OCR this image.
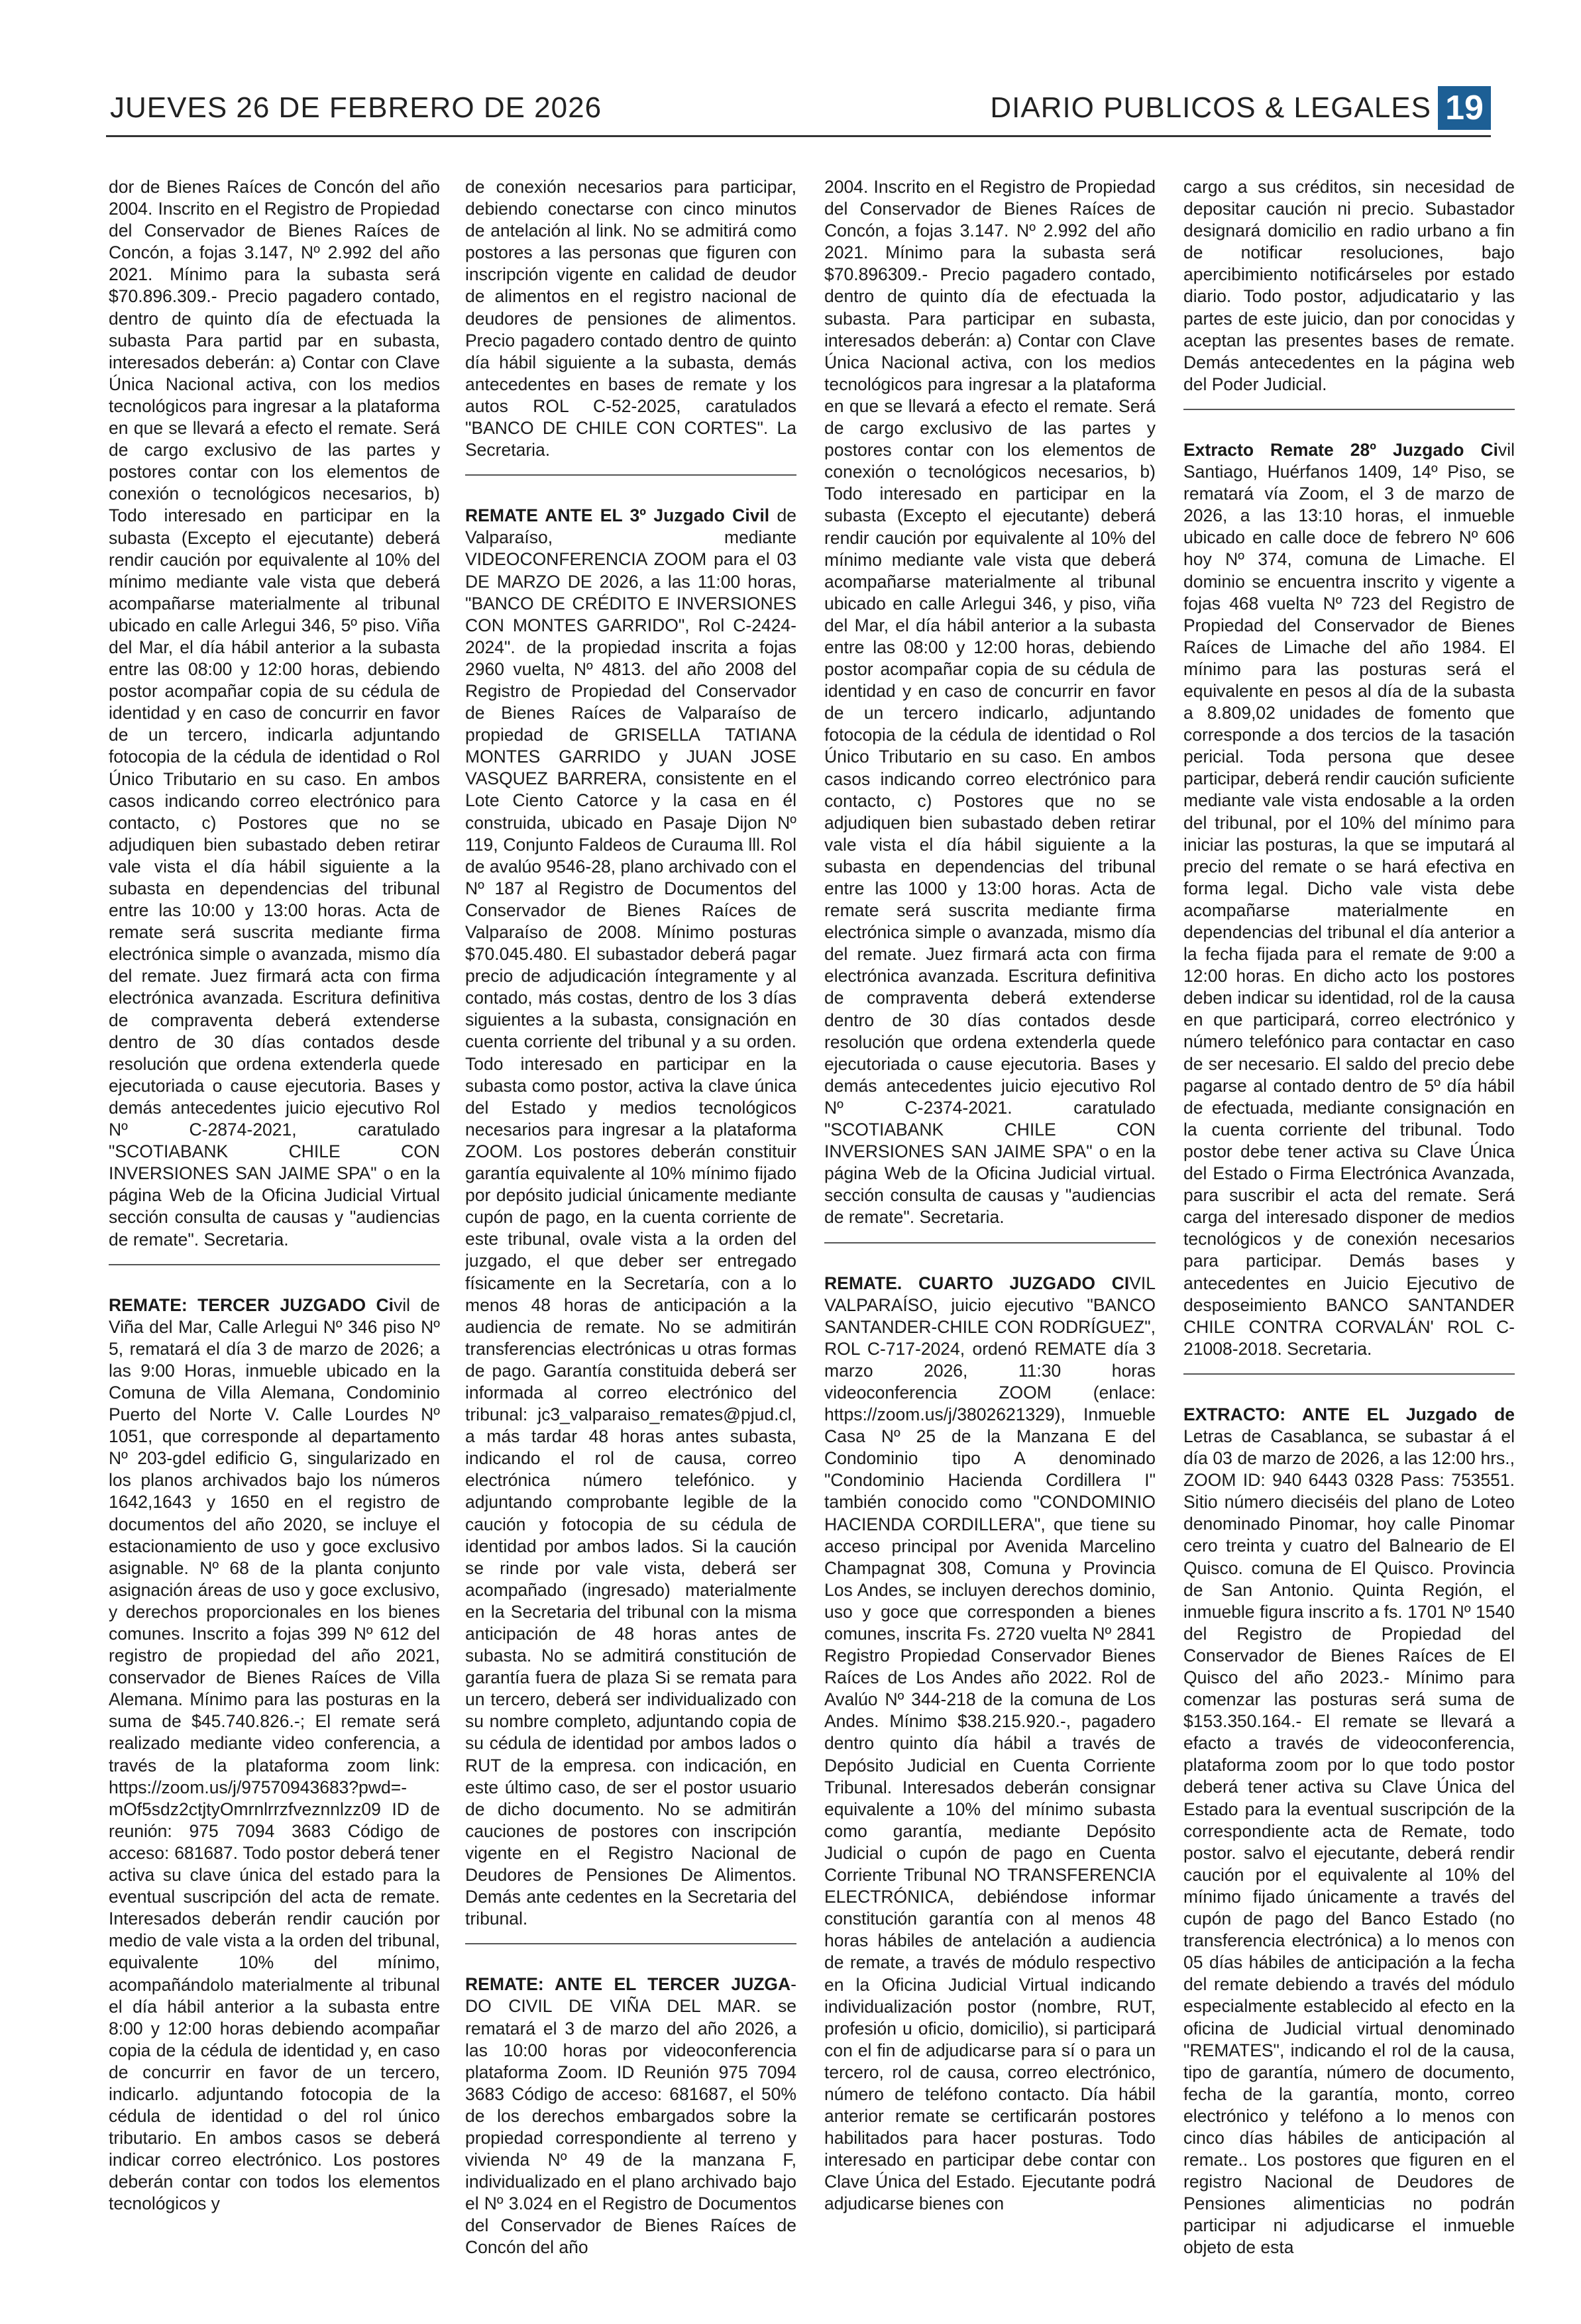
JUEVES 26 DE FEBRERO DE 2026	DIARIO PUBLICOS & LEGALES 19

dor de Bienes Raíces de Concón del año 2004. Inscrito en el Registro de Propiedad del Conservador de Bienes Raíces de Concón, a fojas 3.147, Nº 2.992 del año 2021. Mínimo para la subasta será $70.896.309.- Precio pagadero contado, dentro de quinto día de efectuada la subasta Para partid par en subasta, interesados deberán: a) Contar con Clave Única Nacional activa, con los medios tecnológicos para ingresar a la plataforma en que se llevará a efecto el remate. Será de cargo exclusivo de las partes y postores contar con los elementos de conexión o tecnológicos necesarios, b) Todo interesado en participar en la subasta (Excepto el ejecutante) deberá rendir caución por equivalente al 10% del mínimo mediante vale vista que deberá acompañarse materialmente al tribunal ubicado en calle Arlegui 346, 5º piso. Viña del Mar, el día hábil anterior a la subasta entre las 08:00 y 12:00 horas, debiendo postor acompañar copia de su cédula de identidad y en caso de concurrir en favor de un tercero, indicarla adjuntando fotocopia de la cédula de identidad o Rol Único Tributario en su caso. En ambos casos indicando correo electrónico para contacto, c) Postores que no se adjudiquen bien subastado deben retirar vale vista el día hábil siguiente a la subasta en dependencias del tribunal entre las 10:00 y 13:00 horas. Acta de remate será suscrita mediante firma electrónica simple o avanzada, mismo día del remate. Juez firmará acta con firma electrónica avanzada. Escritura definitiva de compraventa deberá extenderse dentro de 30 días contados desde resolución que ordena extenderla quede ejecutoriada o cause ejecutoria. Bases y demás antecedentes juicio ejecutivo Rol Nº C-2874-2021, caratulado "SCOTIABANK CHILE CON INVERSIONES SAN JAIME SPA" o en la página Web de la Oficina Judicial Virtual sección consulta de causas y "audiencias de remate". Secretaria.

REMATE: TERCER JUZGADO Civil de Viña del Mar, Calle Arlegui Nº 346 piso Nº 5, rematará el día 3 de marzo de 2026; a las 9:00 Horas, inmueble ubicado en la Comuna de Villa Alemana, Condominio Puerto del Norte V. Calle Lourdes Nº 1051, que corresponde al departamento Nº 203-gdel edificio G, singularizado en los planos archivados bajo los números 1642,1643 y 1650 en el registro de documentos del año 2020, se incluye el estacionamiento de uso y goce exclusivo asignable. Nº 68 de la planta conjunto asignación áreas de uso y goce exclusivo, y derechos proporcionales en los bienes comunes. Inscrito a fojas 399 Nº 612 del registro de propiedad del año 2021, conservador de Bienes Raíces de Villa Alemana. Mínimo para las posturas en la suma de $45.740.826.-; El remate será realizado mediante video conferencia, a través de la plataforma zoom link: https://zoom.us/j/97570943683?pwd=-mOf5sdz2ctjtyOmrnlrrzfveznnlzz09 ID de reunión: 975 7094 3683 Código de acceso: 681687. Todo postor deberá tener activa su clave única del estado para la eventual suscripción del acta de remate. Interesados deberán rendir caución por medio de vale vista a la orden del tribunal, equivalente 10% del mínimo, acompañándolo materialmente al tribunal el día hábil anterior a la subasta entre 8:00 y 12:00 horas debiendo acompañar copia de la cédula de identidad y, en caso de concurrir en favor de un tercero, indicarlo. adjuntando fotocopia de la cédula de identidad o del rol único tributario. En ambos casos se deberá indicar correo electrónico. Los postores deberán contar con todos los elementos tecnológicos y

de conexión necesarios para participar, debiendo conectarse con cinco minutos de antelación al link. No se admitirá como postores a las personas que figuren con inscripción vigente en calidad de deudor de alimentos en el registro nacional de deudores de pensiones de alimentos. Precio pagadero contado dentro de quinto día hábil siguiente a la subasta, demás antecedentes en bases de remate y los autos ROL C-52-2025, caratulados "BANCO DE CHILE CON CORTES". La Secretaria.

REMATE ANTE EL 3º Juzgado Civil de Valparaíso, mediante VIDEOCONFERENCIA ZOOM para el 03 DE MARZO DE 2026, a las 11:00 horas, "BANCO DE CRÉDITO E INVERSIONES CON MONTES GARRIDO", Rol C-2424-2024". de la propiedad inscrita a fojas 2960 vuelta, Nº 4813. del año 2008 del Registro de Propiedad del Conservador de Bienes Raíces de Valparaíso de propiedad de GRISELLA TATIANA MONTES GARRIDO y JUAN JOSE VASQUEZ BARRERA, consistente en el Lote Ciento Catorce y la casa en él construida, ubicado en Pasaje Dijon Nº 119, Conjunto Faldeos de Curauma lll. Rol de avalúo 9546-28, plano archivado con el Nº 187 al Registro de Documentos del Conservador de Bienes Raíces de Valparaíso de 2008. Mínimo posturas $70.045.480. El subastador deberá pagar precio de adjudicación íntegramente y al contado, más costas, dentro de los 3 días siguientes a la subasta, consignación en cuenta corriente del tribunal y a su orden. Todo interesado en participar en la subasta como postor, activa la clave única del Estado y medios tecnológicos necesarios para ingresar a la plataforma ZOOM. Los postores deberán constituir garantía equivalente al 10% mínimo fijado por depósito judicial únicamente mediante cupón de pago, en la cuenta corriente de este tribunal, ovale vista a la orden del juzgado, el que deber ser entregado físicamente en la Secretaría, con a lo menos 48 horas de anticipación a la audiencia de remate. No se admitirán transferencias electrónicas u otras formas de pago. Garantía constituida deberá ser informada al correo electrónico del tribunal: jc3_valparaiso_remates@pjud.cl, a más tardar 48 horas antes subasta, indicando el rol de causa, correo electrónica número telefónico. y adjuntando comprobante legible de la caución y fotocopia de su cédula de identidad por ambos lados. Si la caución se rinde por vale vista, deberá ser acompañado (ingresado) materialmente en la Secretaria del tribunal con la misma anticipación de 48 horas antes de subasta. No se admitirá constitución de garantía fuera de plaza Si se remata para un tercero, deberá ser individualizado con su nombre completo, adjuntando copia de su cédula de identidad por ambos lados o RUT de la empresa. con indicación, en este último caso, de ser el postor usuario de dicho documento. No se admitirán cauciones de postores con inscripción vigente en el Registro Nacional de Deudores de Pensiones De Alimentos. Demás ante cedentes en la Secretaria del tribunal.

REMATE: ANTE EL TERCER JUZGA-DO CIVIL DE VIÑA DEL MAR. se rematará el 3 de marzo del año 2026, a las 10:00 horas por videoconferencia plataforma Zoom. ID Reunión 975 7094 3683 Código de acceso: 681687, el 50% de los derechos embargados sobre la propiedad correspondiente al terreno y vivienda Nº 49 de la manzana F, individualizado en el plano archivado bajo el Nº 3.024 en el Registro de Documentos del Conservador de Bienes Raíces de Concón del año

2004. Inscrito en el Registro de Propiedad del Conservador de Bienes Raíces de Concón, a fojas 3.147. Nº 2.992 del año 2021. Mínimo para la subasta será $70.896309.- Precio pagadero contado, dentro de quinto día de efectuada la subasta. Para participar en subasta, interesados deberán: a) Contar con Clave Única Nacional activa, con los medios tecnológicos para ingresar a la plataforma en que se llevará a efecto el remate. Será de cargo exclusivo de las partes y postores contar con los elementos de conexión o tecnológicos necesarios, b) Todo interesado en participar en la subasta (Excepto el ejecutante) deberá rendir caución por equivalente al 10% del mínimo mediante vale vista que deberá acompañarse materialmente al tribunal ubicado en calle Arlegui 346, y piso, viña del Mar, el día hábil anterior a la subasta entre las 08:00 y 12:00 horas, debiendo postor acompañar copia de su cédula de identidad y en caso de concurrir en favor de un tercero indicarlo, adjuntando fotocopia de la cédula de identidad o Rol Único Tributario en su caso. En ambos casos indicando correo electrónico para contacto, c) Postores que no se adjudiquen bien subastado deben retirar vale vista el día hábil siguiente a la subasta en dependencias del tribunal entre las 1000 y 13:00 horas. Acta de remate será suscrita mediante firma electrónica simple o avanzada, mismo día del remate. Juez firmará acta con firma electrónica avanzada. Escritura definitiva de compraventa deberá extenderse dentro de 30 días contados desde resolución que ordena extenderla quede ejecutoriada o cause ejecutoria. Bases y demás antecedentes juicio ejecutivo Rol Nº C-2374-2021. caratulado "SCOTIABANK CHILE CON INVERSIONES SAN JAIME SPA" o en la página Web de la Oficina Judicial virtual. sección consulta de causas y "audiencias de remate". Secretaria.

REMATE. CUARTO JUZGADO CIVIL VALPARAÍSO, juicio ejecutivo "BANCO SANTANDER-CHILE CON RODRÍGUEZ", ROL C-717-2024, ordenó REMATE día 3 marzo 2026, 11:30 horas videoconferencia ZOOM (enlace: https://zoom.us/j/3802621329), Inmueble Casa Nº 25 de la Manzana E del Condominio tipo A denominado "Condominio Hacienda Cordillera I" también conocido como "CONDOMINIO HACIENDA CORDILLERA", que tiene su acceso principal por Avenida Marcelino Champagnat 308, Comuna y Provincia Los Andes, se incluyen derechos dominio, uso y goce que corresponden a bienes comunes, inscrita Fs. 2720 vuelta Nº 2841 Registro Propiedad Conservador Bienes Raíces de Los Andes año 2022. Rol de Avalúo Nº 344-218 de la comuna de Los Andes. Mínimo $38.215.920.-, pagadero dentro quinto día hábil a través de Depósito Judicial en Cuenta Corriente Tribunal. Interesados deberán consignar equivalente a 10% del mínimo subasta como garantía, mediante Depósito Judicial o cupón de pago en Cuenta Corriente Tribunal NO TRANSFERENCIA ELECTRÓNICA, debiéndose informar constitución garantía con al menos 48 horas hábiles de antelación a audiencia de remate, a través de módulo respectivo en la Oficina Judicial Virtual indicando individualización postor (nombre, RUT, profesión u oficio, domicilio), si participará con el fin de adjudicarse para sí o para un tercero, rol de causa, correo electrónico, número de teléfono contacto. Día hábil anterior remate se certificarán postores habilitados para hacer posturas. Todo interesado en participar debe contar con Clave Única del Estado. Ejecutante podrá adjudicarse bienes con

cargo a sus créditos, sin necesidad de depositar caución ni precio. Subastador designará domicilio en radio urbano a fin de notificar resoluciones, bajo apercibimiento notificárseles por estado diario. Todo postor, adjudicatario y las partes de este juicio, dan por conocidas y aceptan las presentes bases de remate. Demás antecedentes en la página web del Poder Judicial.

Extracto Remate 28º Juzgado Civil Santiago, Huérfanos 1409, 14º Piso, se rematará vía Zoom, el 3 de marzo de 2026, a las 13:10 horas, el inmueble ubicado en calle doce de febrero Nº 606 hoy Nº 374, comuna de Limache. El dominio se encuentra inscrito y vigente a fojas 468 vuelta Nº 723 del Registro de Propiedad del Conservador de Bienes Raíces de Limache del año 1984. El mínimo para las posturas será el equivalente en pesos al día de la subasta a 8.809,02 unidades de fomento que corresponde a dos tercios de la tasación pericial. Toda persona que desee participar, deberá rendir caución suficiente mediante vale vista endosable a la orden del tribunal, por el 10% del mínimo para iniciar las posturas, la que se imputará al precio del remate o se hará efectiva en forma legal. Dicho vale vista debe acompañarse materialmente en dependencias del tribunal el día anterior a la fecha fijada para el remate de 9:00 a 12:00 horas. En dicho acto los postores deben indicar su identidad, rol de la causa en que participará, correo electrónico y número telefónico para contactar en caso de ser necesario. El saldo del precio debe pagarse al contado dentro de 5º día hábil de efectuada, mediante consignación en la cuenta corriente del tribunal. Todo postor debe tener activa su Clave Única del Estado o Firma Electrónica Avanzada, para suscribir el acta del remate. Será carga del interesado disponer de medios tecnológicos y de conexión necesarios para participar. Demás bases y antecedentes en Juicio Ejecutivo de desposeimiento BANCO SANTANDER CHILE CONTRA CORVALÁN' ROL C-21008-2018. Secretaria.

EXTRACTO: ANTE EL Juzgado de Letras de Casablanca, se subastar á el día 03 de marzo de 2026, a las 12:00 hrs., ZOOM ID: 940 6443 0328 Pass: 753551. Sitio número dieciséis del plano de Loteo denominado Pinomar, hoy calle Pinomar cero treinta y cuatro del Balneario de El Quisco. comuna de El Quisco. Provincia de San Antonio. Quinta Región, el inmueble figura inscrito a fs. 1701 Nº 1540 del Registro de Propiedad del Conservador de Bienes Raíces de El Quisco del año 2023.- Mínimo para comenzar las posturas será suma de $153.350.164.- El remate se llevará a efacto a través de videoconferencia, plataforma zoom por lo que todo postor deberá tener activa su Clave Única del Estado para la eventual suscripción de la correspondiente acta de Remate, todo postor. salvo el ejecutante, deberá rendir caución por el equivalente al 10% del mínimo fijado únicamente a través del cupón de pago del Banco Estado (no transferencia electrónica) a lo menos con 05 días hábiles de anticipación a la fecha del remate debiendo a través del módulo especialmente establecido al efecto en la oficina de Judicial virtual denominado "REMATES", indicando el rol de la causa, tipo de garantía, número de documento, fecha de la garantía, monto, correo electrónico y teléfono a lo menos con cinco días hábiles de anticipación al remate.. Los postores que figuren en el registro Nacional de Deudores de Pensiones alimenticias no podrán participar ni adjudicarse el inmueble objeto de esta
